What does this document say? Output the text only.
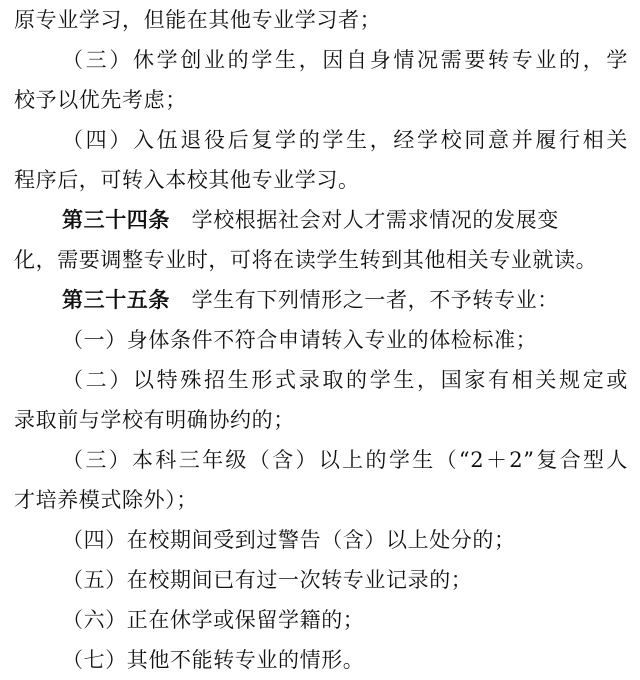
原专业学习，但能在其他专业学习者；
（三）休学创业的学生，因自身情况需要转专业的，学
校予以优先考虑；
（四）入伍退役后复学的学生，经学校同意并履行相关
程序后，可转入本校其他专业学习。
第三十四条  学校根据社会对人才需求情况的发展变
化，需要调整专业时，可将在读学生转到其他相关专业就读。
第三十五条  学生有下列情形之一者，不予转专业：
（一）身体条件不符合申请转入专业的体检标准；
（二）以特殊招生形式录取的学生，国家有相关规定或
录取前与学校有明确协约的；
（三）本科三年级（含）以上的学生（“2＋2”复合型人
才培养模式除外）；
（四）在校期间受到过警告（含）以上处分的；
（五）在校期间已有过一次转专业记录的；
（六）正在休学或保留学籍的；
（七）其他不能转专业的情形。
